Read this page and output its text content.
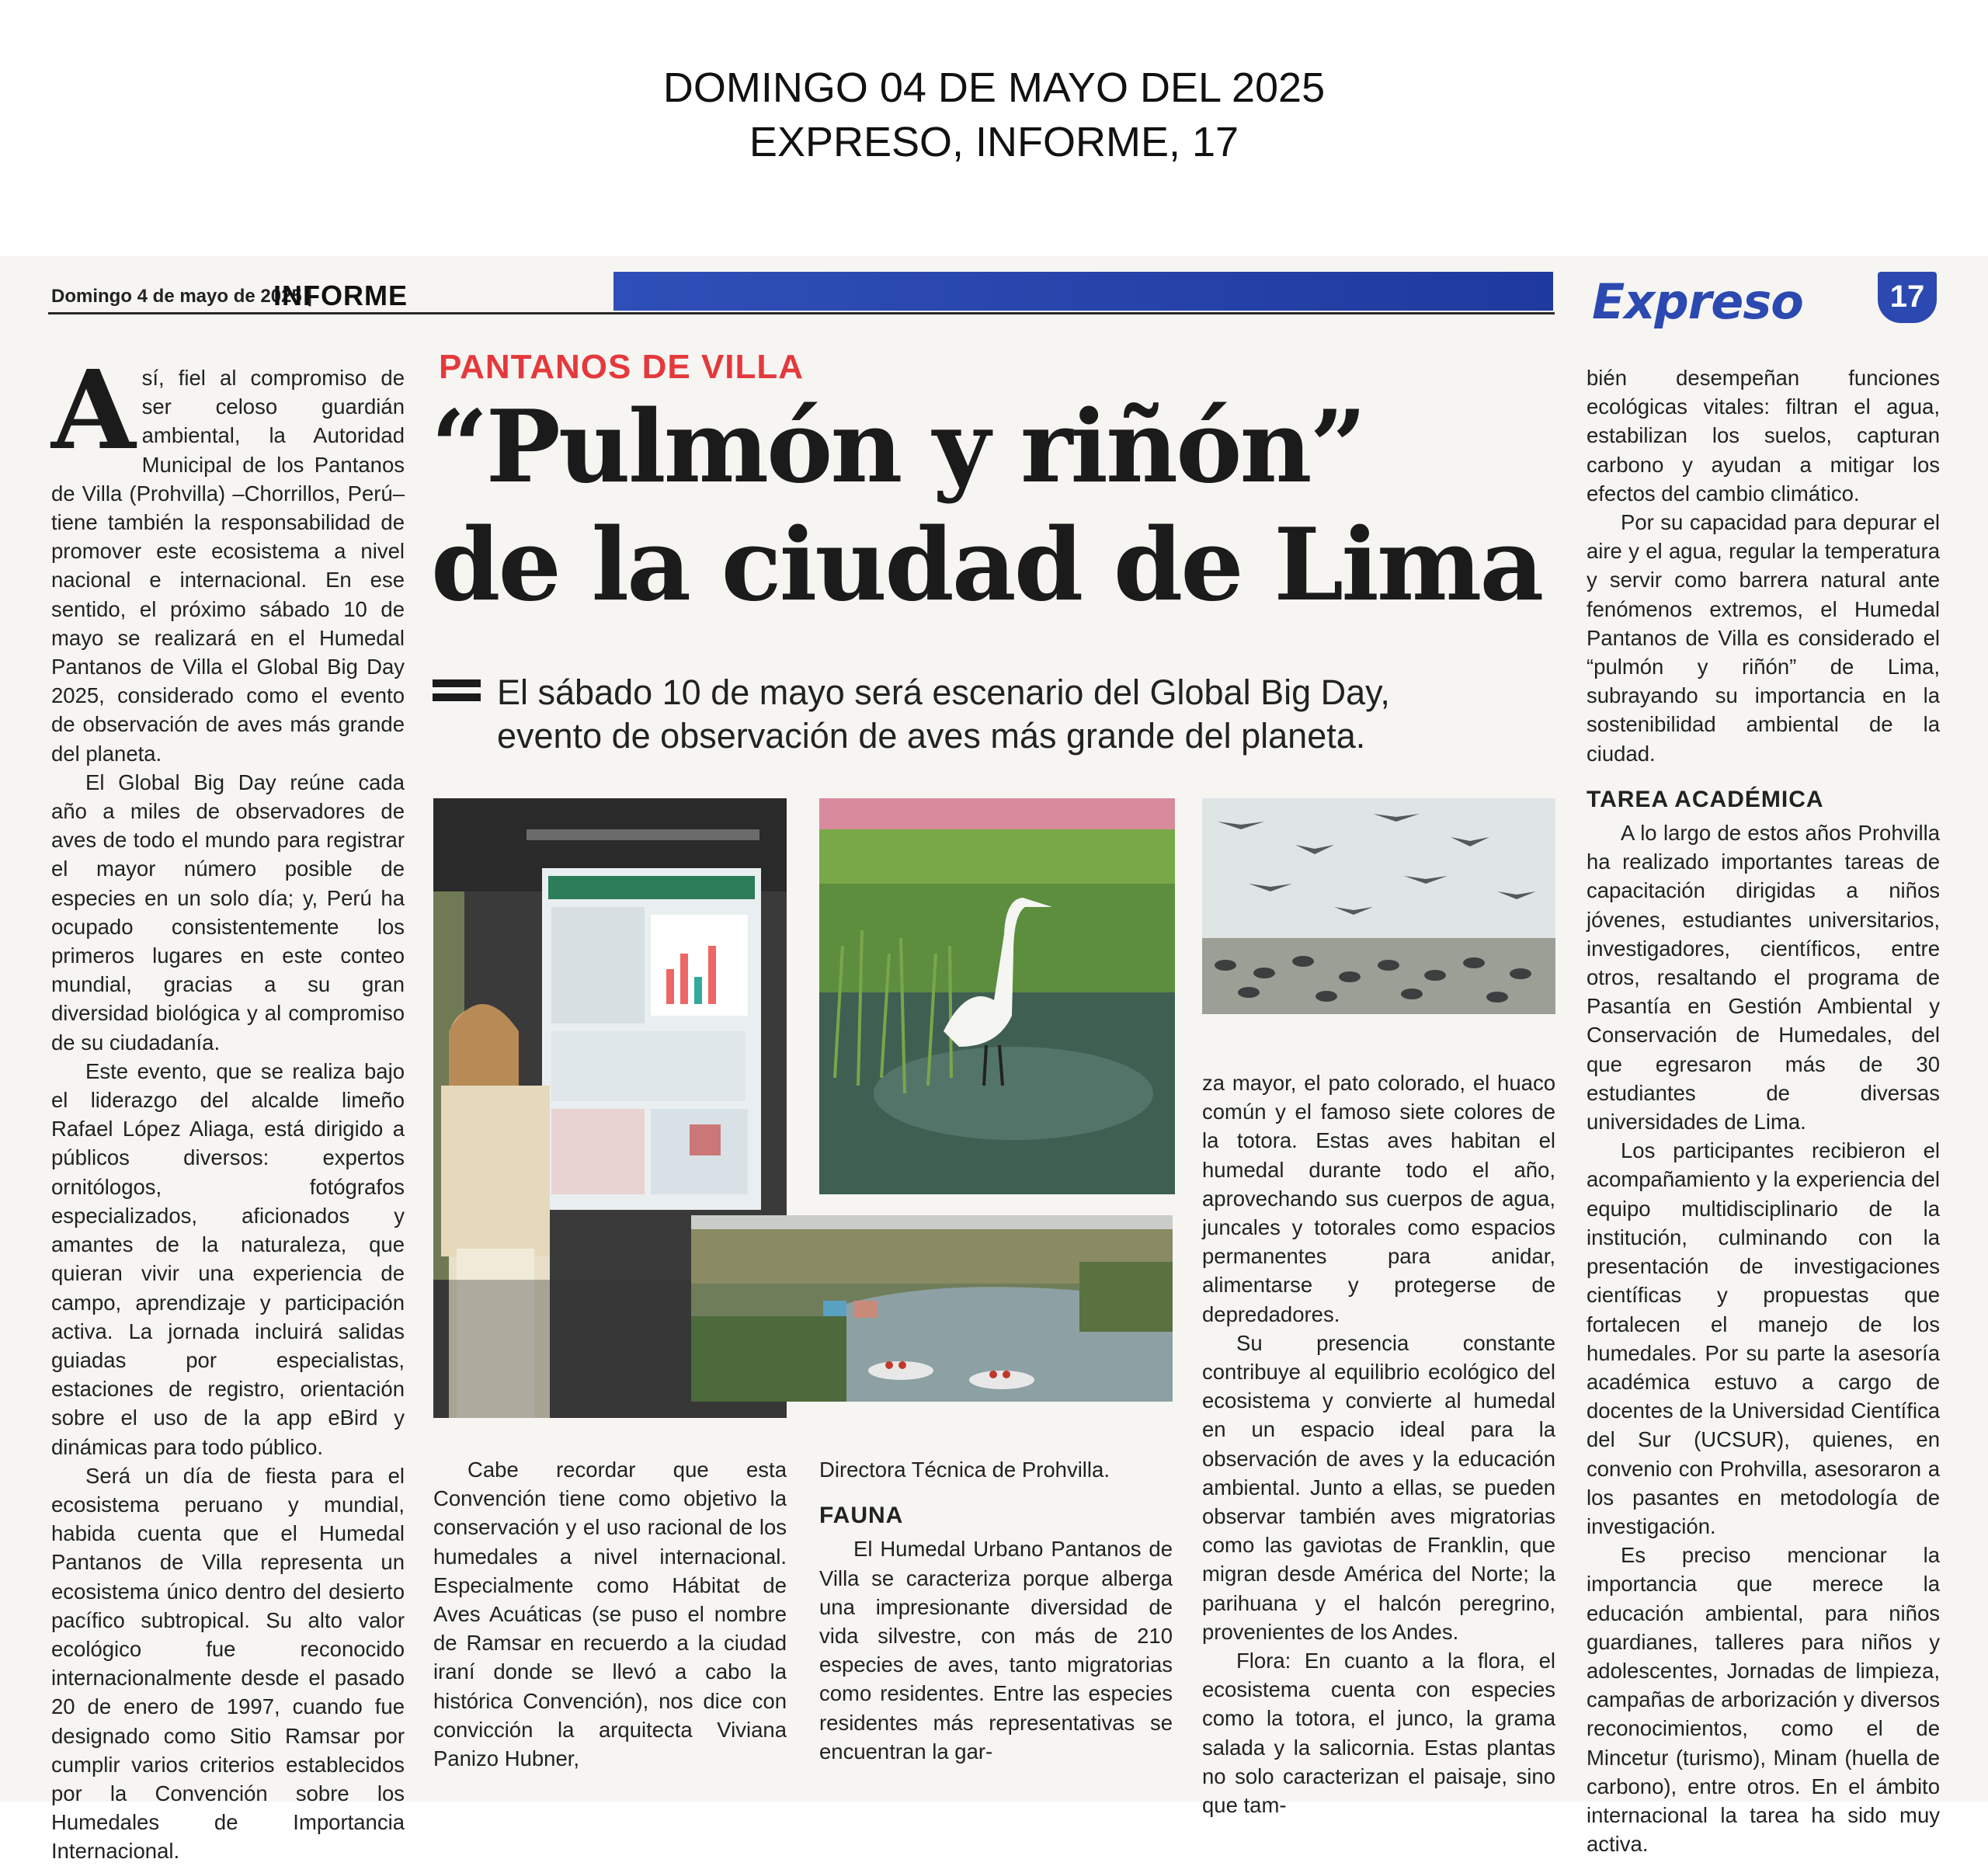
DOMINGO 04 DE MAYO DEL 2025
EXPRESO, INFORME, 17
Domingo 4 de mayo de 2025 |
INFORME	Expreso	17
PANTANOS DE VILLA
“Pulmón y riñón”
de la ciudad de Lima
El sábado 10 de mayo será escenario del Global Big Day,
evento de observación de aves más grande del planeta.
A sí, fiel al compromiso de ser celoso guardián ambiental, la Autoridad Municipal de los Pantanos de Villa (Prohvilla) –Chorrillos, Perú– tiene también la responsabilidad de promover este ecosistema a nivel nacional e internacional. En ese sentido, el próximo sábado 10 de mayo se realizará en el Humedal Pantanos de Villa el Global Big Day 2025, considerado como el evento de observación de aves más grande del planeta.

El Global Big Day reúne cada año a miles de observadores de aves de todo el mundo para registrar el mayor número posible de especies en un solo día; y, Perú ha ocupado consistentemente los primeros lugares en este conteo mundial, gracias a su gran diversidad biológica y al compromiso de su ciudadanía.

Este evento, que se realiza bajo el liderazgo del alcalde limeño Rafael López Aliaga, está dirigido a públicos diversos: expertos ornitólogos, fotógrafos especializados, aficionados y amantes de la naturaleza, que quieran vivir una experiencia de campo, aprendizaje y participación activa. La jornada incluirá salidas guiadas por especialistas, estaciones de registro, orientación sobre el uso de la app eBird y dinámicas para todo público.

Será un día de fiesta para el ecosistema peruano y mundial, habida cuenta que el Humedal Pantanos de Villa representa un ecosistema único dentro del desierto pacífico subtropical. Su alto valor ecológico fue reconocido internacionalmente desde el pasado 20 de enero de 1997, cuando fue designado como Sitio Ramsar por cumplir varios criterios establecidos por la Convención sobre los Humedales de Importancia Internacional.

Cabe recordar que esta Convención tiene como objetivo la conservación y el uso racional de los humedales a nivel internacional. Especialmente como Hábitat de Aves Acuáticas (se puso el nombre de Ramsar en recuerdo a la ciudad iraní donde se llevó a cabo la histórica Convención), nos dice con convicción la arquitecta Viviana Panizo Hubner,

Directora Técnica de Prohvilla.

FAUNA

El Humedal Urbano Pantanos de Villa se caracteriza porque alberga una impresionante diversidad de vida silvestre, con más de 210 especies de aves, tanto migratorias como residentes. Entre las especies residentes más representativas se encuentran la gar-

za mayor, el pato colorado, el huaco común y el famoso siete colores de la totora. Estas aves habitan el humedal durante todo el año, aprovechando sus cuerpos de agua, juncales y totorales como espacios permanentes para anidar, alimentarse y protegerse de depredadores.

Su presencia constante contribuye al equilibrio ecológico del ecosistema y convierte al humedal en un espacio ideal para la observación de aves y la educación ambiental. Junto a ellas, se pueden observar también aves migratorias como las gaviotas de Franklin, que migran desde América del Norte; la parihuana y el halcón peregrino, provenientes de los Andes.

Flora: En cuanto a la flora, el ecosistema cuenta con especies como la totora, el junco, la grama salada y la salicornia. Estas plantas no solo caracterizan el paisaje, sino que tam-

bién desempeñan funciones ecológicas vitales: filtran el agua, estabilizan los suelos, capturan carbono y ayudan a mitigar los efectos del cambio climático.

Por su capacidad para depurar el aire y el agua, regular la temperatura y servir como barrera natural ante fenómenos extremos, el Humedal Pantanos de Villa es considerado el “pulmón y riñón” de Lima, subrayando su importancia en la sostenibilidad ambiental de la ciudad.

TAREA ACADÉMICA

A lo largo de estos años Prohvilla ha realizado importantes tareas de capacitación dirigidas a niños jóvenes, estudiantes universitarios, investigadores, científicos, entre otros, resaltando el programa de Pasantía en Gestión Ambiental y Conservación de Humedales, del que egresaron más de 30 estudiantes de diversas universidades de Lima.

Los participantes recibieron el acompañamiento y la experiencia del equipo multidisciplinario de la institución, culminando con la presentación de investigaciones científicas y propuestas que fortalecen el manejo de los humedales. Por su parte la asesoría académica estuvo a cargo de docentes de la Universidad Científica del Sur (UCSUR), quienes, en convenio con Prohvilla, asesoraron a los pasantes en metodología de investigación.

Es preciso mencionar la importancia que merece la educación ambiental, para niños guardianes, talleres para niños y adolescentes, Jornadas de limpieza, campañas de arborización y diversos reconocimientos, como el de Mincetur (turismo), Minam (huella de carbono), entre otros. En el ámbito internacional la tarea ha sido muy activa.
